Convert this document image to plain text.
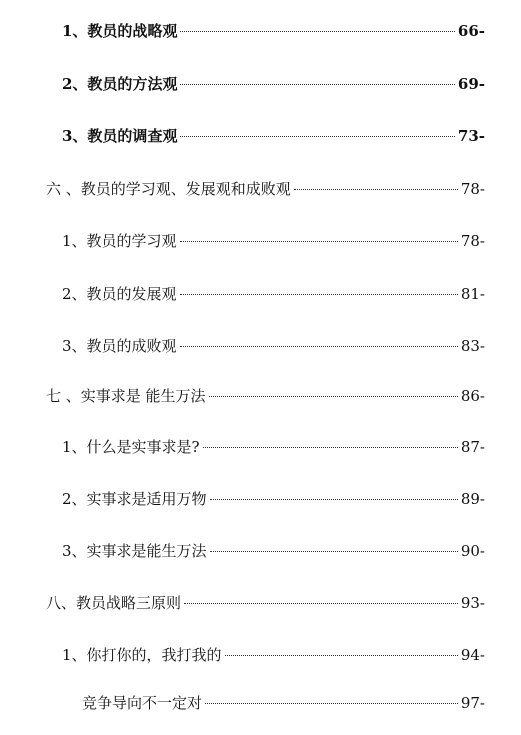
1、教员的战略观	66-
2、教员的方法观	69-
3、教员的调查观	73-
六 、教员的学习观、发展观和成败观	78-
1、教员的学习观	78-
2、教员的发展观	81-
3、教员的成败观	83-
七 、实事求是 能生万法	86-
1、什么是实事求是?	87-
2、实事求是适用万物	89-
3、实事求是能生万法	90-
八、教员战略三原则	93-
1、你打你的，我打我的	94-
竞争导向不一定对	97-
